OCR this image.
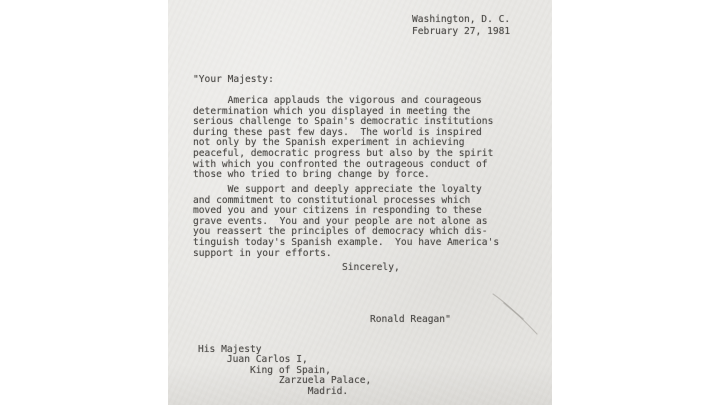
Washington, D. C.
February 27, 1981
"Your Majesty:
America applauds the vigorous and courageous
determination which you displayed in meeting the
serious challenge to Spain's democratic institutions
during these past few days.  The world is inspired
not only by the Spanish experiment in achieving
peaceful, democratic progress but also by the spirit
with which you confronted the outrageous conduct of
those who tried to bring change by force.
We support and deeply appreciate the loyalty
and commitment to constitutional processes which
moved you and your citizens in responding to these
grave events.  You and your people are not alone as
you reassert the principles of democracy which dis-
tinguish today's Spanish example.  You have America's
support in your efforts.
Sincerely,
Ronald Reagan"
His Majesty
Juan Carlos I,
King of Spain,
Zarzuela Palace,
Madrid.
